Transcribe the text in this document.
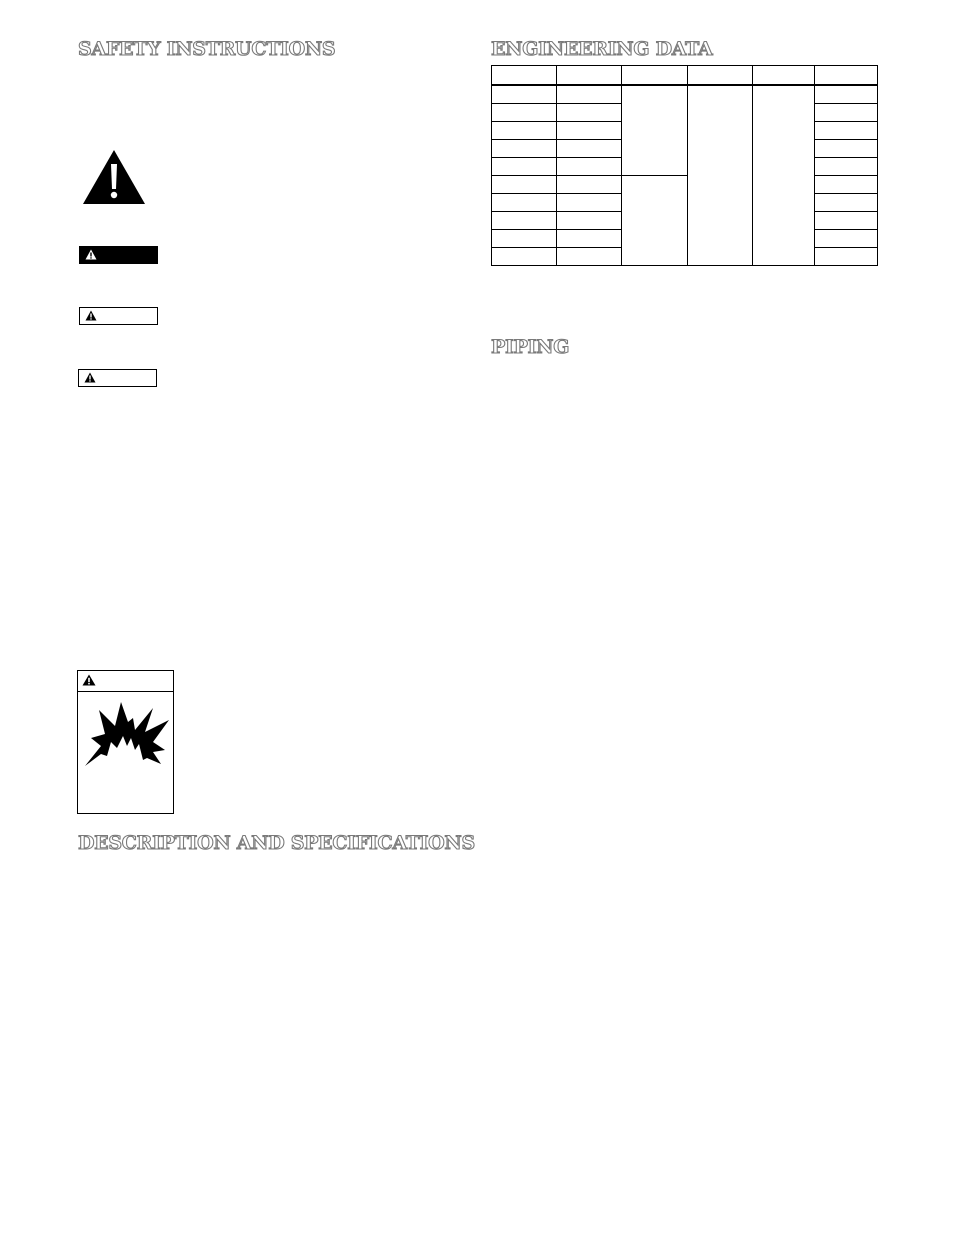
SAFETY INSTRUCTIONS
DESCRIPTION AND SPECIFICATIONS
ENGINEERING DATA

PIPING
